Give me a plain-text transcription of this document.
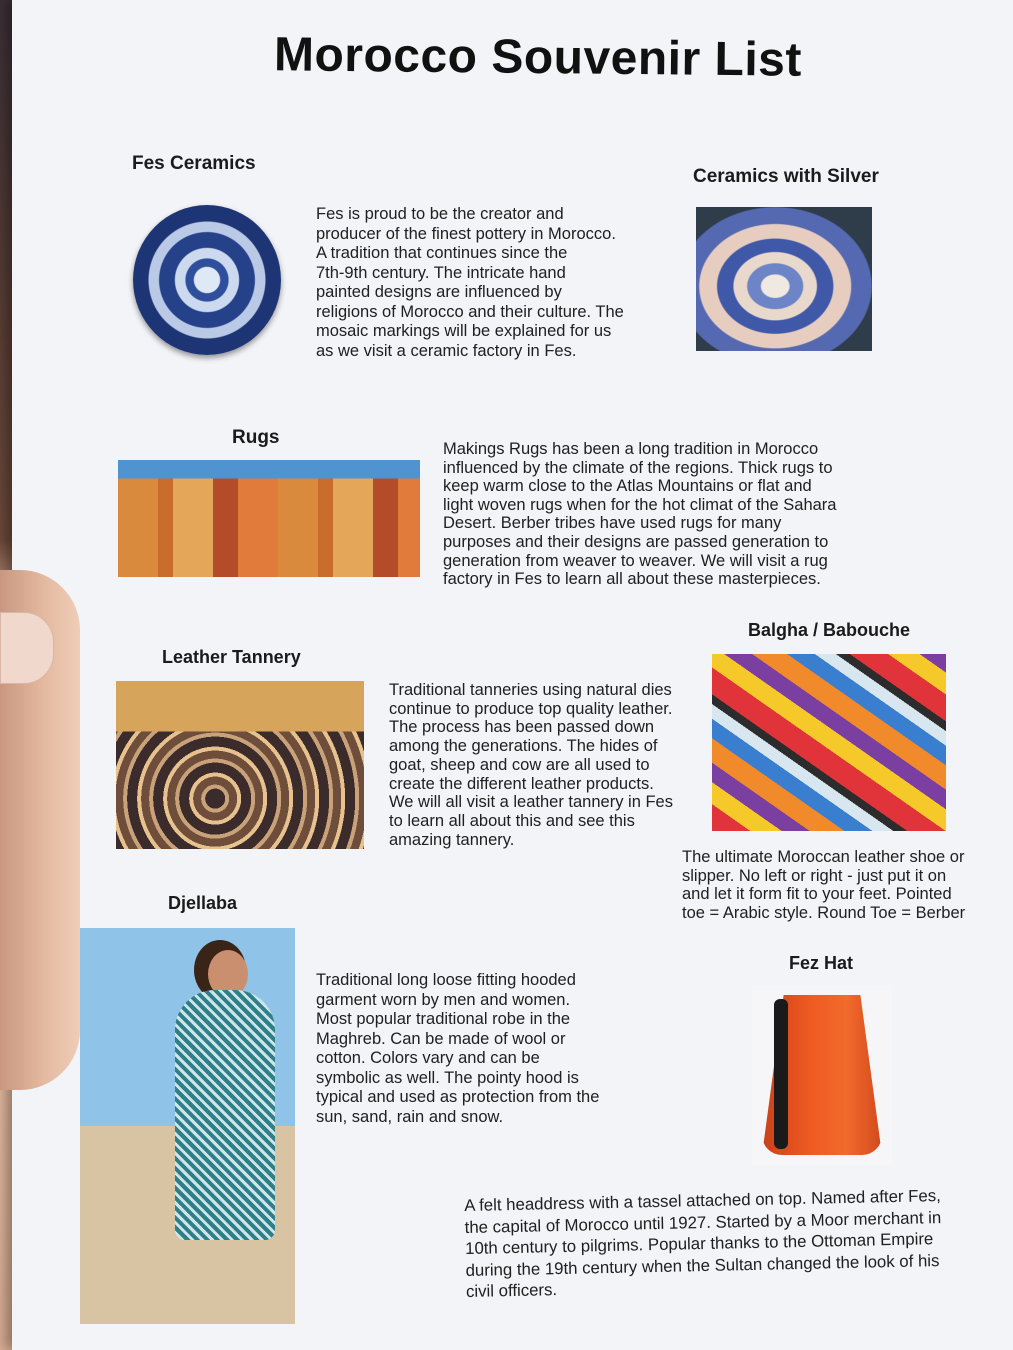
Morocco Souvenir List
Fes Ceramics
Fes is proud to be the creator and
producer of the finest pottery in Morocco.
A tradition that continues since the
7th-9th century. The intricate hand
painted designs are influenced by
religions of Morocco and their culture. The
mosaic markings will be explained for us
as we visit a ceramic factory in Fes.
Ceramics with Silver
Rugs
Makings Rugs has been a long tradition in Morocco
influenced by the climate of the regions. Thick rugs to
keep warm close to the Atlas Mountains or flat and
light woven rugs when for the hot climat of the Sahara
Desert. Berber tribes have used rugs for many
purposes and their designs are passed generation to
generation from weaver to weaver. We will visit a rug
factory in Fes to learn all about these masterpieces.
Balgha / Babouche
The ultimate Moroccan leather shoe or
slipper. No left or right - just put it on
and let it form fit to your feet. Pointed
toe = Arabic style. Round Toe = Berber
Leather Tannery
Traditional tanneries using natural dies
continue to produce top quality leather.
The process has been passed down
among the generations. The hides of
goat, sheep and cow are all used to
create the different leather products.
We will all visit a leather tannery in Fes
to learn all about this and see this
amazing tannery.
Djellaba
Traditional long loose fitting hooded
garment worn by men and women.
Most popular traditional robe in the
Maghreb. Can be made of wool or
cotton. Colors vary and can be
symbolic as well. The pointy hood is
typical and used as protection from the
sun, sand, rain and snow.
Fez Hat
A felt headdress with a tassel attached on top. Named after Fes,
the capital of Morocco until 1927. Started by a Moor merchant in
10th century to pilgrims. Popular thanks to the Ottoman Empire
during the 19th century when the Sultan changed the look of his
civil officers.
